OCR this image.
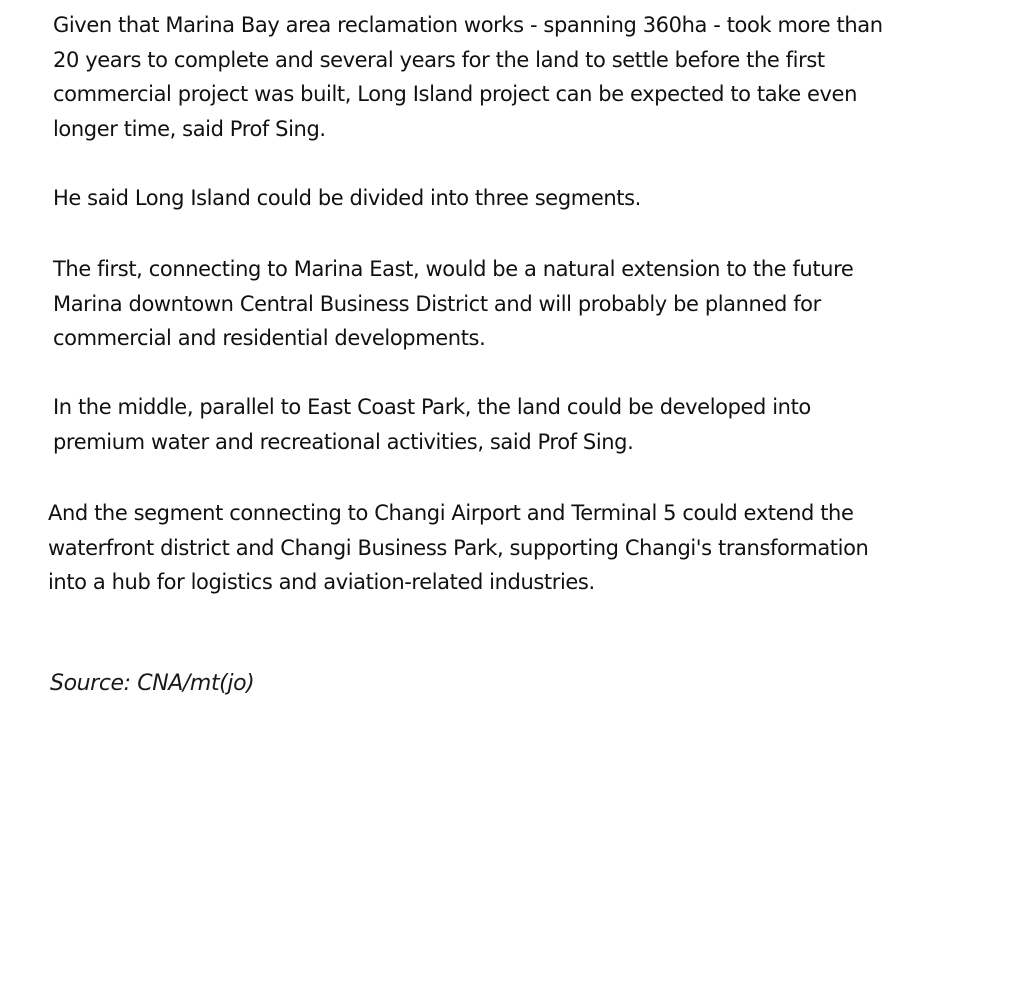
Given that Marina Bay area reclamation works - spanning 360ha - took more than
20 years to complete and several years for the land to settle before the first
commercial project was built, Long Island project can be expected to take even
longer time, said Prof Sing.

He said Long Island could be divided into three segments.

The first, connecting to Marina East, would be a natural extension to the future
Marina downtown Central Business District and will probably be planned for
commercial and residential developments.

In the middle, parallel to East Coast Park, the land could be developed into
premium water and recreational activities, said Prof Sing.

And the segment connecting to Changi Airport and Terminal 5 could extend the
waterfront district and Changi Business Park, supporting Changi's transformation
into a hub for logistics and aviation-related industries.

Source: CNA/mt(jo)
